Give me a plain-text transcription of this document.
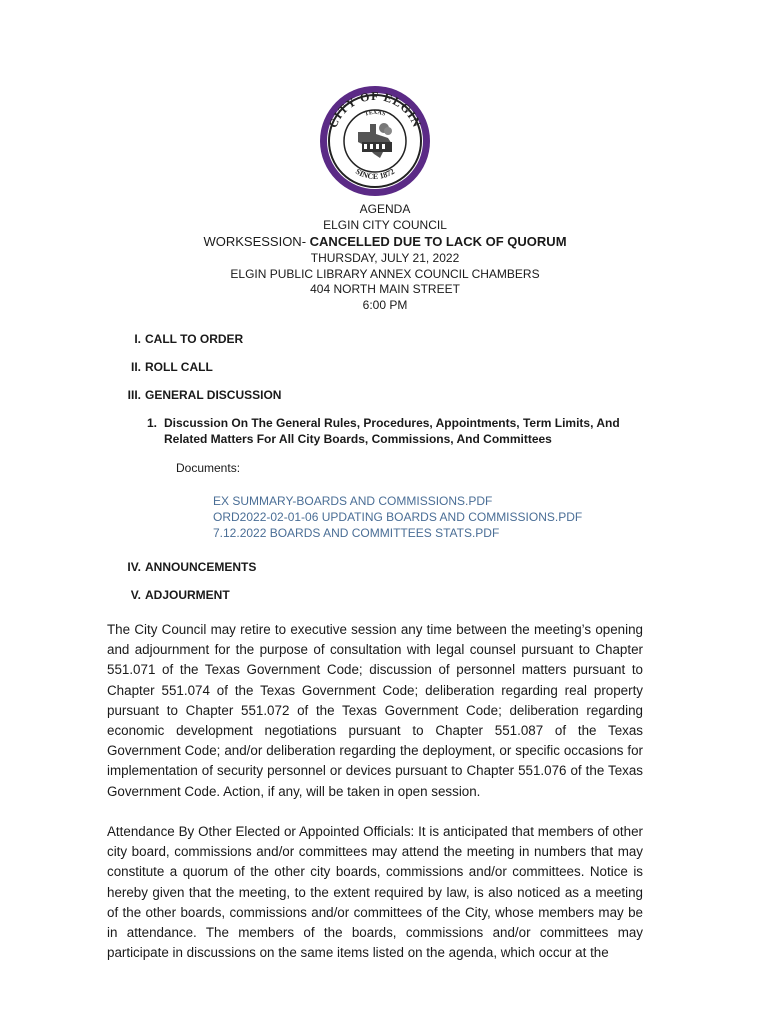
CITY OF ELGIN
TEXAS
SINCE 1872
AGENDA
ELGIN CITY COUNCIL
WORKSESSION- CANCELLED DUE TO LACK OF QUORUM
THURSDAY, JULY 21, 2022
ELGIN PUBLIC LIBRARY ANNEX COUNCIL CHAMBERS
404 NORTH MAIN STREET
6:00 PM
I. CALL TO ORDER
II. ROLL CALL
III. GENERAL DISCUSSION
1. Discussion On The General Rules, Procedures, Appointments, Term Limits, And Related Matters For All City Boards, Commissions, And Committees
Documents:
EX SUMMARY-BOARDS AND COMMISSIONS.PDF
ORD2022-02-01-06 UPDATING BOARDS AND COMMISSIONS.PDF
7.12.2022 BOARDS AND COMMITTEES STATS.PDF
IV. ANNOUNCEMENTS
V. ADJOURMENT

The City Council may retire to executive session any time between the meeting’s opening and adjournment for the purpose of consultation with legal counsel pursuant to Chapter 551.071 of the Texas Government Code; discussion of personnel matters pursuant to Chapter 551.074 of the Texas Government Code; deliberation regarding real property pursuant to Chapter 551.072 of the Texas Government Code; deliberation regarding economic development negotiations pursuant to Chapter 551.087 of the Texas Government Code; and/or deliberation regarding the deployment, or specific occasions for implementation of security personnel or devices pursuant to Chapter 551.076 of the Texas Government Code. Action, if any, will be taken in open session.

Attendance By Other Elected or Appointed Officials: It is anticipated that members of other city board, commissions and/or committees may attend the meeting in numbers that may constitute a quorum of the other city boards, commissions and/or committees. Notice is hereby given that the meeting, to the extent required by law, is also noticed as a meeting of the other boards, commissions and/or committees of the City, whose members may be in attendance. The members of the boards, commissions and/or committees may participate in discussions on the same items listed on the agenda, which occur at the
